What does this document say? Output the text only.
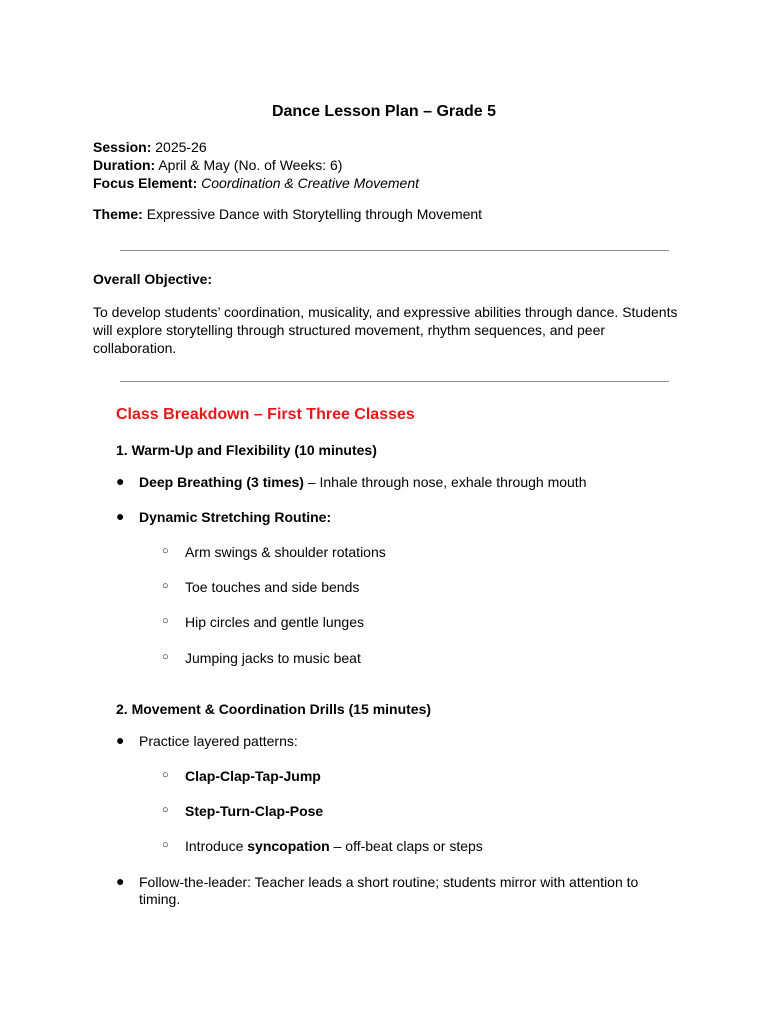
Dance Lesson Plan – Grade 5
Session: 2025-26
Duration: April & May (No. of Weeks: 6)
Focus Element: Coordination & Creative Movement
Theme: Expressive Dance with Storytelling through Movement
Overall Objective:
To develop students’ coordination, musicality, and expressive abilities through dance. Students will explore storytelling through structured movement, rhythm sequences, and peer collaboration.
Class Breakdown – First Three Classes
1. Warm-Up and Flexibility (10 minutes)
● Deep Breathing (3 times) – Inhale through nose, exhale through mouth
● Dynamic Stretching Routine:
○ Arm swings & shoulder rotations
○ Toe touches and side bends
○ Hip circles and gentle lunges
○ Jumping jacks to music beat
2. Movement & Coordination Drills (15 minutes)
● Practice layered patterns:
○ Clap-Clap-Tap-Jump
○ Step-Turn-Clap-Pose
○ Introduce syncopation – off-beat claps or steps
● Follow-the-leader: Teacher leads a short routine; students mirror with attention to timing.
